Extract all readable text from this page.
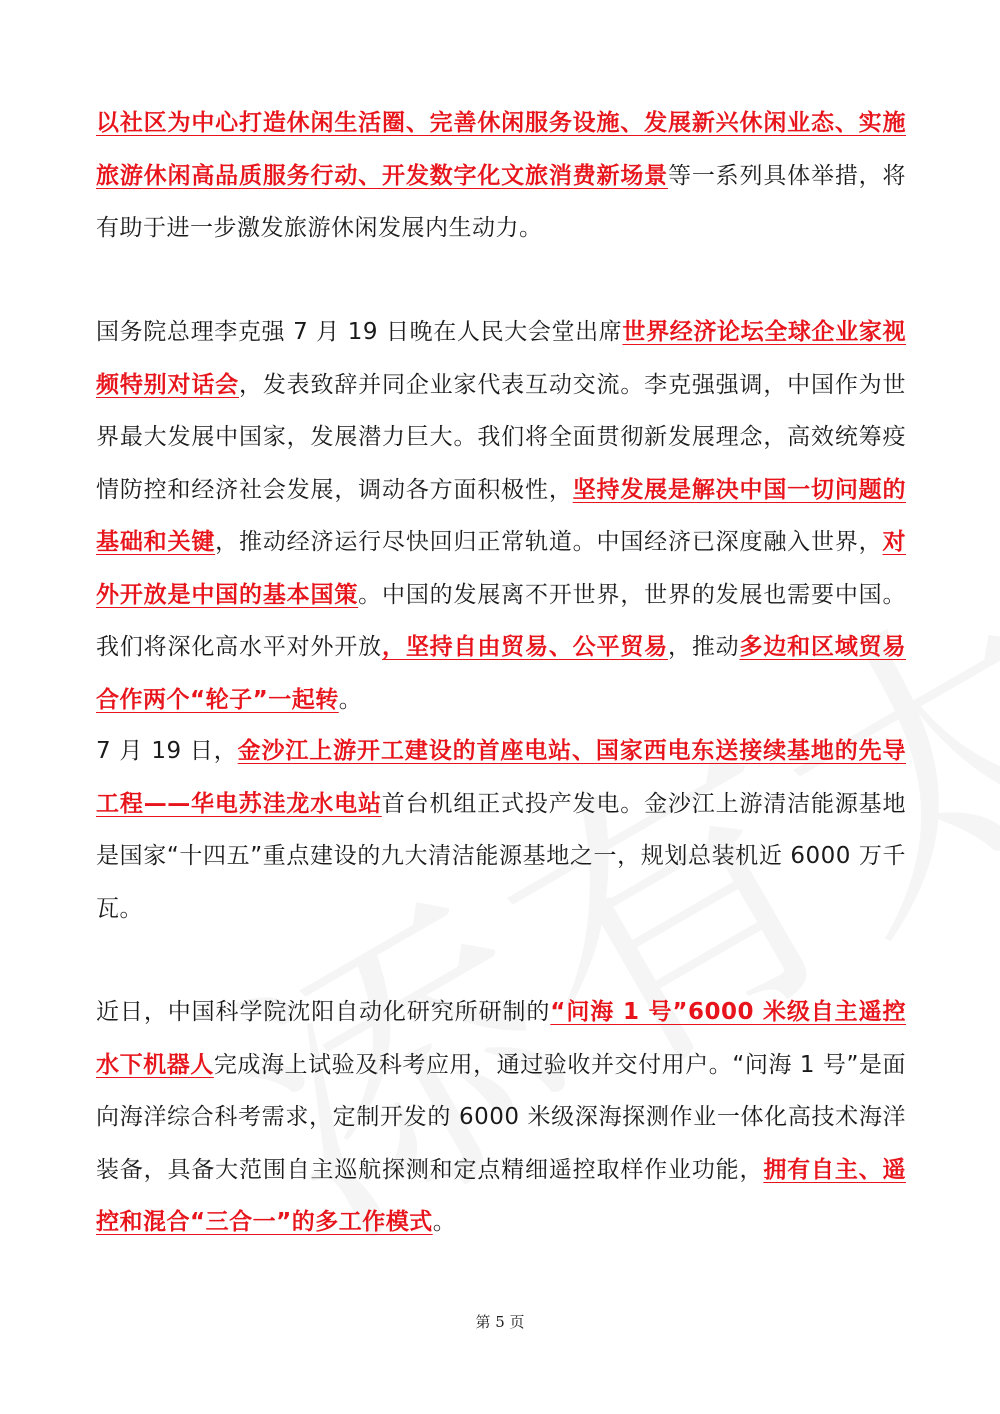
以社区为中心打造休闲生活圈、完善休闲服务设施、发展新兴休闲业态、实施旅游休闲高品质服务行动、开发数字化文旅消费新场景等一系列具体举措，将有助于进一步激发旅游休闲发展内生动力。

国务院总理李克强 7 月 19 日晚在人民大会堂出席世界经济论坛全球企业家视频特别对话会，发表致辞并同企业家代表互动交流。李克强强调，中国作为世界最大发展中国家，发展潜力巨大。我们将全面贯彻新发展理念，高效统筹疫情防控和经济社会发展，调动各方面积极性，坚持发展是解决中国一切问题的基础和关键，推动经济运行尽快回归正常轨道。中国经济已深度融入世界，对外开放是中国的基本国策。中国的发展离不开世界，世界的发展也需要中国。我们将深化高水平对外开放，坚持自由贸易、公平贸易，推动多边和区域贸易合作两个“轮子”一起转。

7 月 19 日，金沙江上游开工建设的首座电站、国家西电东送接续基地的先导工程——华电苏洼龙水电站首台机组正式投产发电。金沙江上游清洁能源基地是国家“十四五”重点建设的九大清洁能源基地之一，规划总装机近 6000 万千瓦。

近日，中国科学院沈阳自动化研究所研制的“问海 1 号”6000 米级自主遥控水下机器人完成海上试验及科考应用，通过验收并交付用户。“问海 1 号”是面向海洋综合科考需求，定制开发的 6000 米级深海探测作业一体化高技术海洋装备，具备大范围自主巡航探测和定点精细遥控取样作业功能，拥有自主、遥控和混合“三合一”的多工作模式。

第 5 页
